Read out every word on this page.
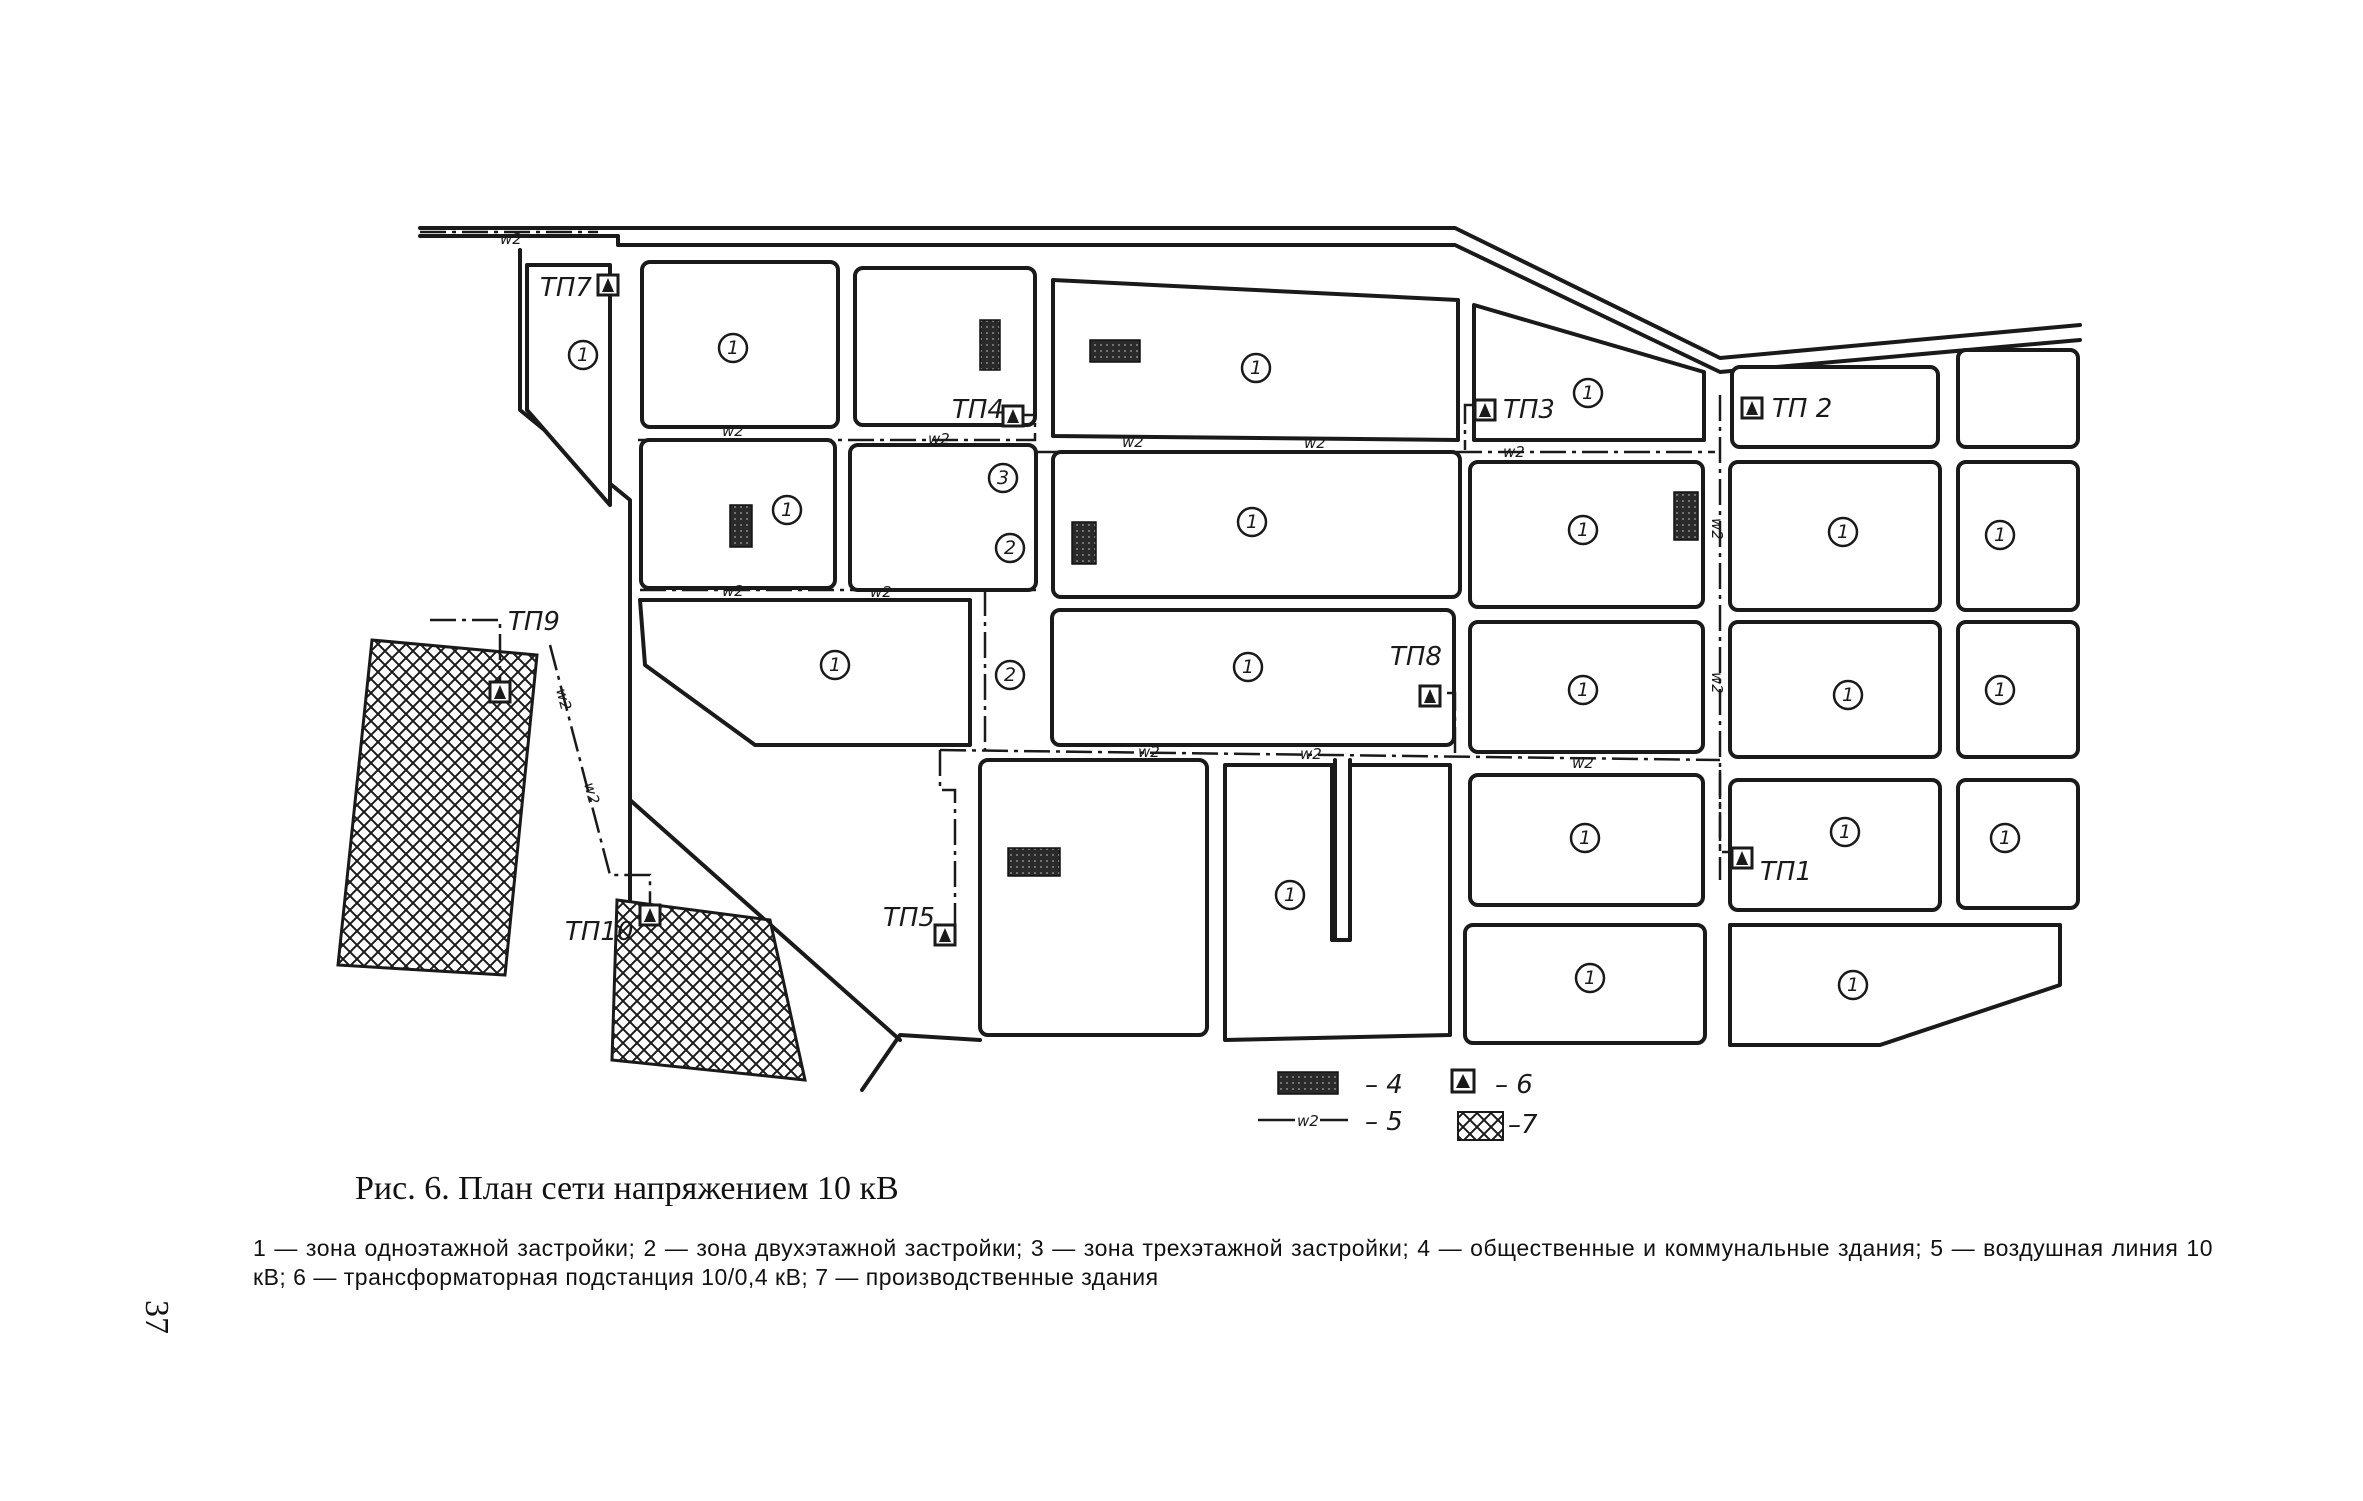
w2
w2	w2	w2	w2	w2
w2	w2
w2	w2	w2
w2
w2
w2
w2
ТП7
ТП4	ТП3	ТП 2
ТП8
ТП1
ТП5
ТП9
ТП10
1	1
1
1
1
3
2
1	1	1	1
1	2	1
1	1	1
1	1	1
1
1	1
– 4	– 6
w2 – 5	–7
Рис. 6. План сети напряжением 10 кВ

1 — зона одноэтажной застройки; 2 — зона двухэтажной застройки; 3 — зона трехэтажной застройки; 4 — общественные и коммунальные здания; 5 — воздушная линия 10 кВ; 6 — трансформаторная подстанция 10/0,4 кВ; 7 — производственные здания

37
